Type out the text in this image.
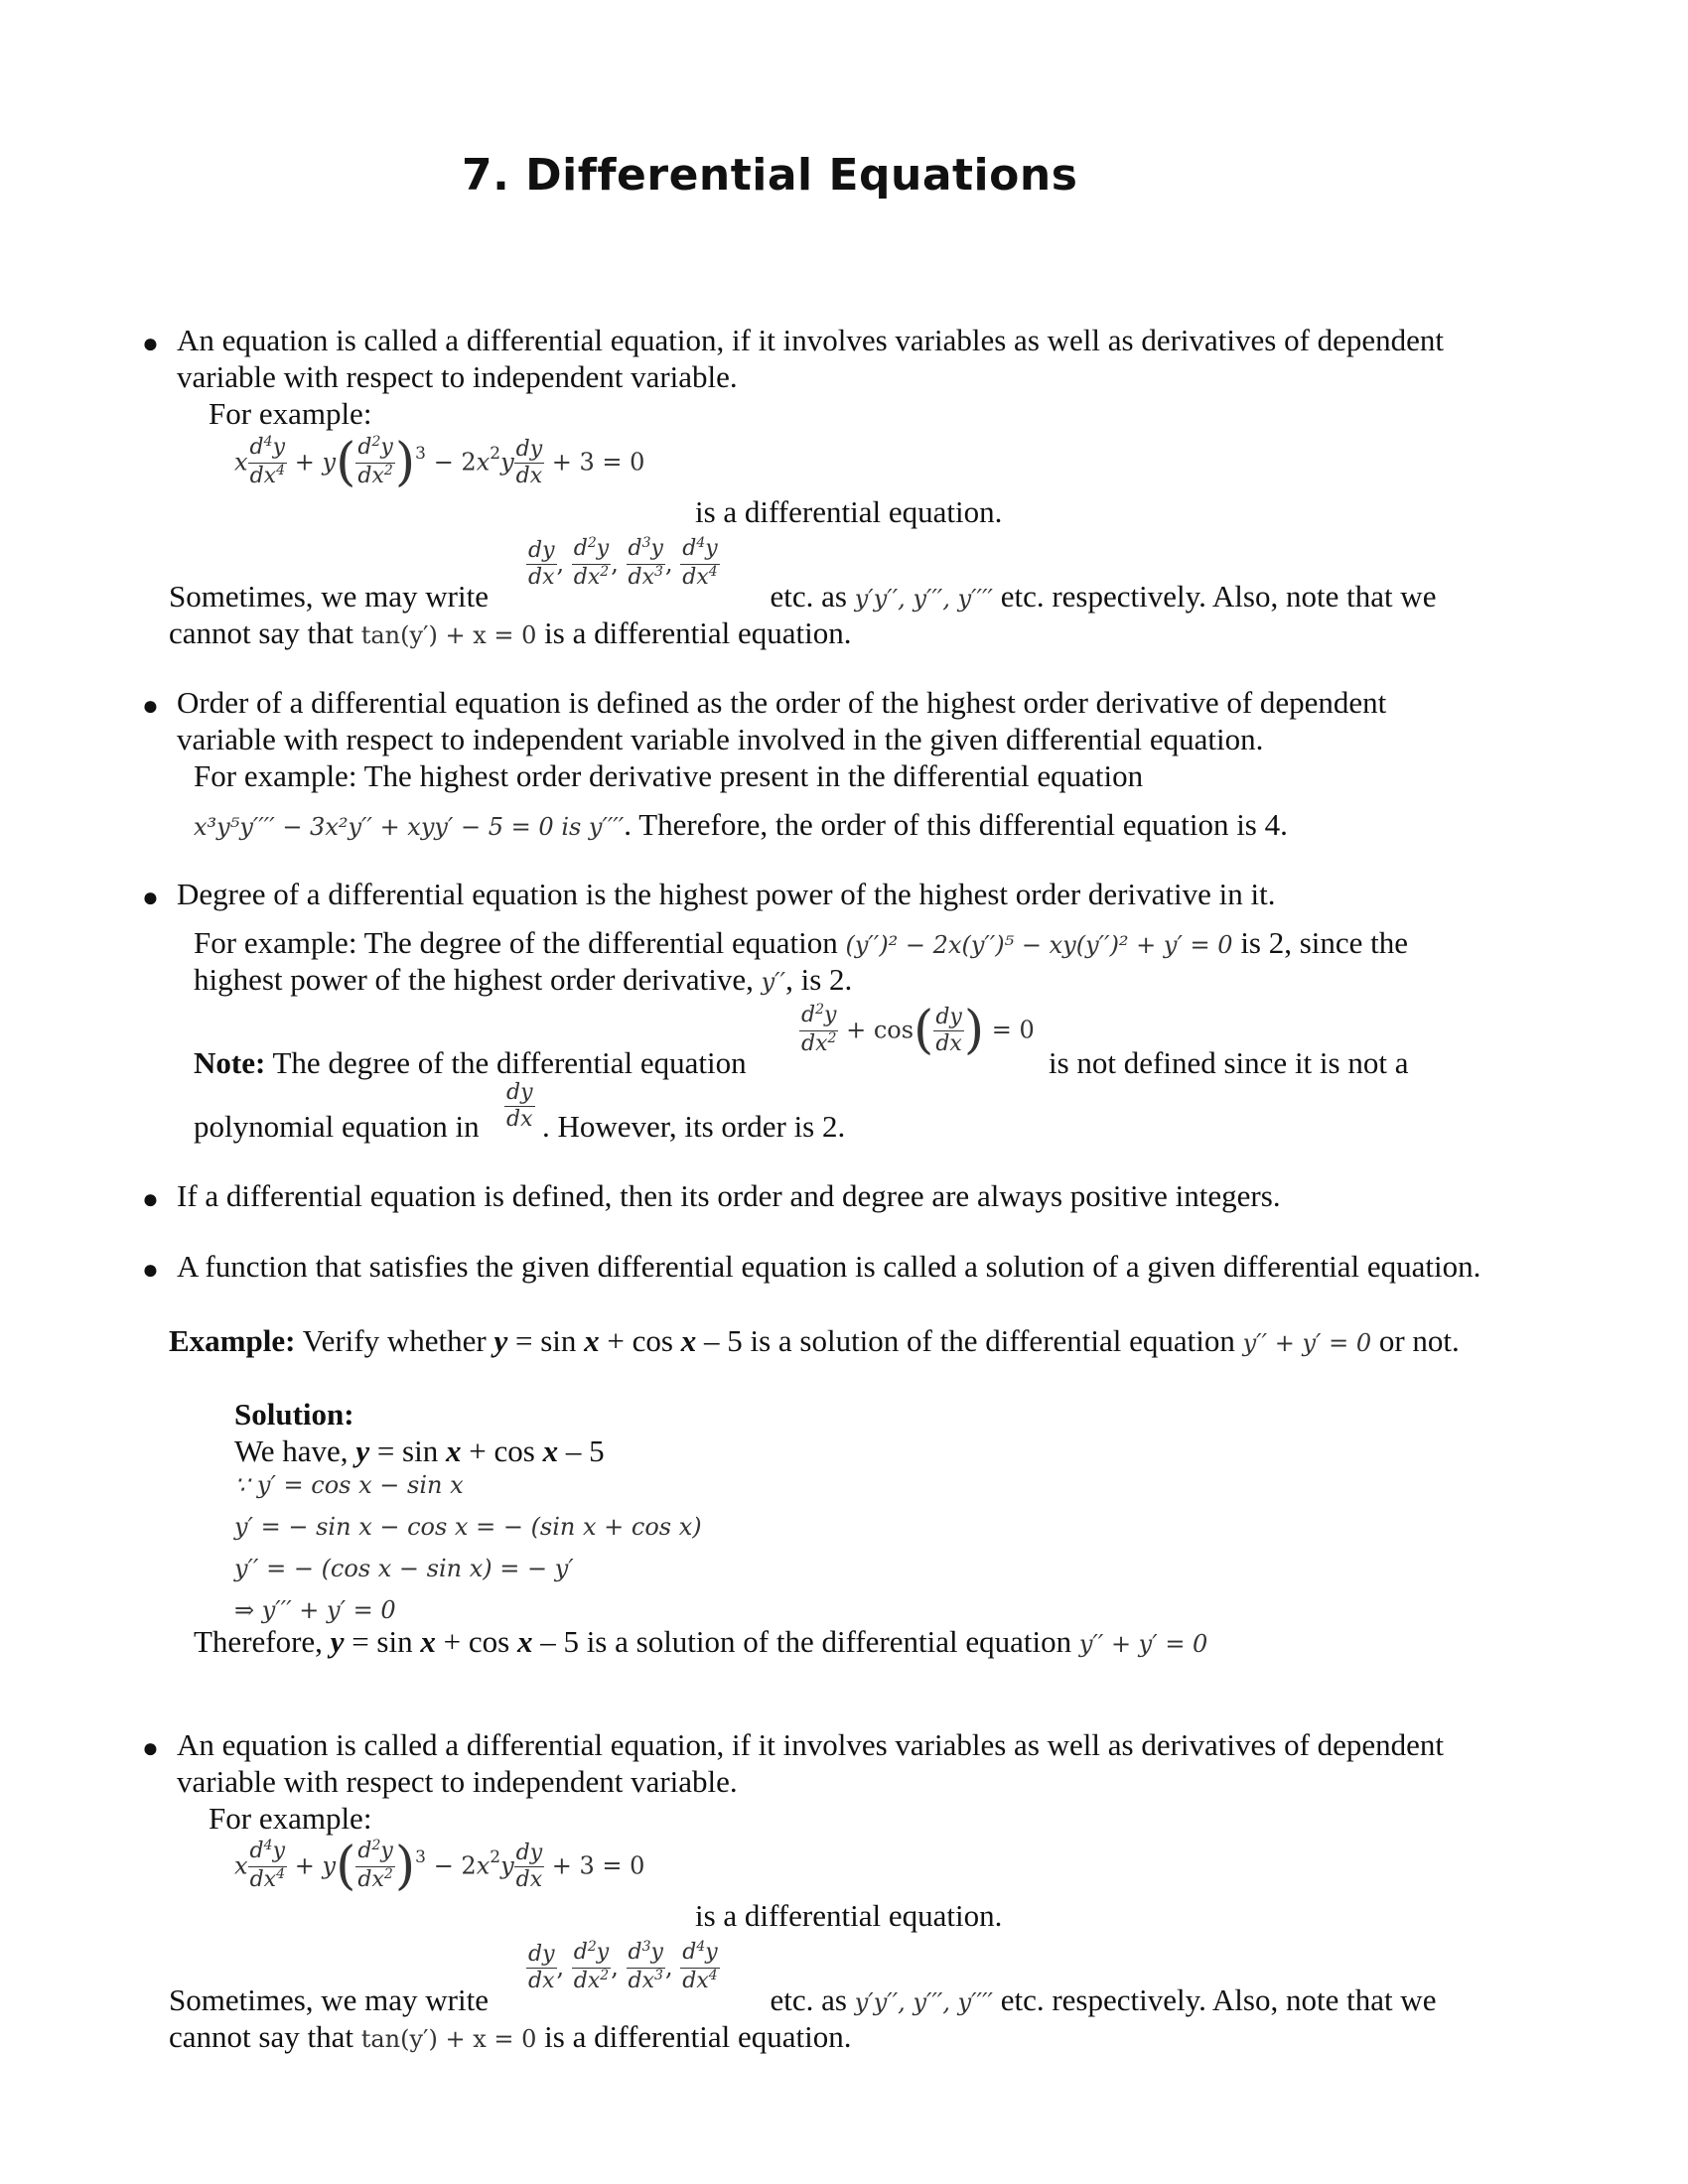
7. Differential Equations
● An equation is called a differential equation, if it involves variables as well as derivatives of dependent
variable with respect to independent variable.
For example:
x $\frac{d^4y}{dx^4} + y( \frac{d^2y}{dx^2} )^3 - 2x^2y \frac{dy}{dx} + 3 = 0$
is a differential equation.
$\frac{dy}{dx}$ , $\frac{d^2y}{dx^2}$ , $\frac{d^3y}{dx^3}$ , $\frac{d^4y}{dx^4}$
Sometimes, we may write	etc. as y′y′′, y′′′, y′′′′ etc. respectively. Also, note that we
cannot say that tan(y′) + x = 0 is a differential equation.
● Order of a differential equation is defined as the order of the highest order derivative of dependent
variable with respect to independent variable involved in the given differential equation.
For example: The highest order derivative present in the differential equation
x³y⁵y′′′′ − 3x²y′′ + xyy′ − 5 = 0 is y′′′′. Therefore, the order of this differential equation is 4.
● Degree of a differential equation is the highest power of the highest order derivative in it.
For example: The degree of the differential equation (y′′)² − 2x(y′′)⁵ − xy(y′′)² + y′ = 0 is 2, since the
highest power of the highest order derivative, y′′, is 2.
$\frac{d^2y}{dx^2} + \cos( \frac{dy}{dx}$ ) = 0
Note: The degree of the differential equation	is not defined since it is not a
$\frac{dy}{dx}$
polynomial equation in . However, its order is 2.
● If a differential equation is defined, then its order and degree are always positive integers.
● A function that satisfies the given differential equation is called a solution of a given differential equation.
Example: Verify whether y = sin x + cos x – 5 is a solution of the differential equation y′′ + y′ = 0 or not.
Solution:
We have, y = sin x + cos x – 5
∵ y′ = cos x − sin x
y′ = − sin x − cos x = − (sin x + cos x)
y′′ = − (cos x − sin x) = − y′
⇒ y′′′ + y′ = 0
Therefore, y = sin x + cos x – 5 is a solution of the differential equation y′′ + y′ = 0
● An equation is called a differential equation, if it involves variables as well as derivatives of dependent
variable with respect to independent variable.
For example:
x $\frac{d^4y}{dx^4} + y( \frac{d^2y}{dx^2} )^3 - 2x^2y \frac{dy}{dx} + 3 = 0$
is a differential equation.
$\frac{dy}{dx}$ , $\frac{d^2y}{dx^2}$ , $\frac{d^3y}{dx^3}$ , $\frac{d^4y}{dx^4}$
Sometimes, we may write	etc. as y′y′′, y′′′, y′′′′ etc. respectively. Also, note that we
cannot say that tan(y′) + x = 0 is a differential equation.
